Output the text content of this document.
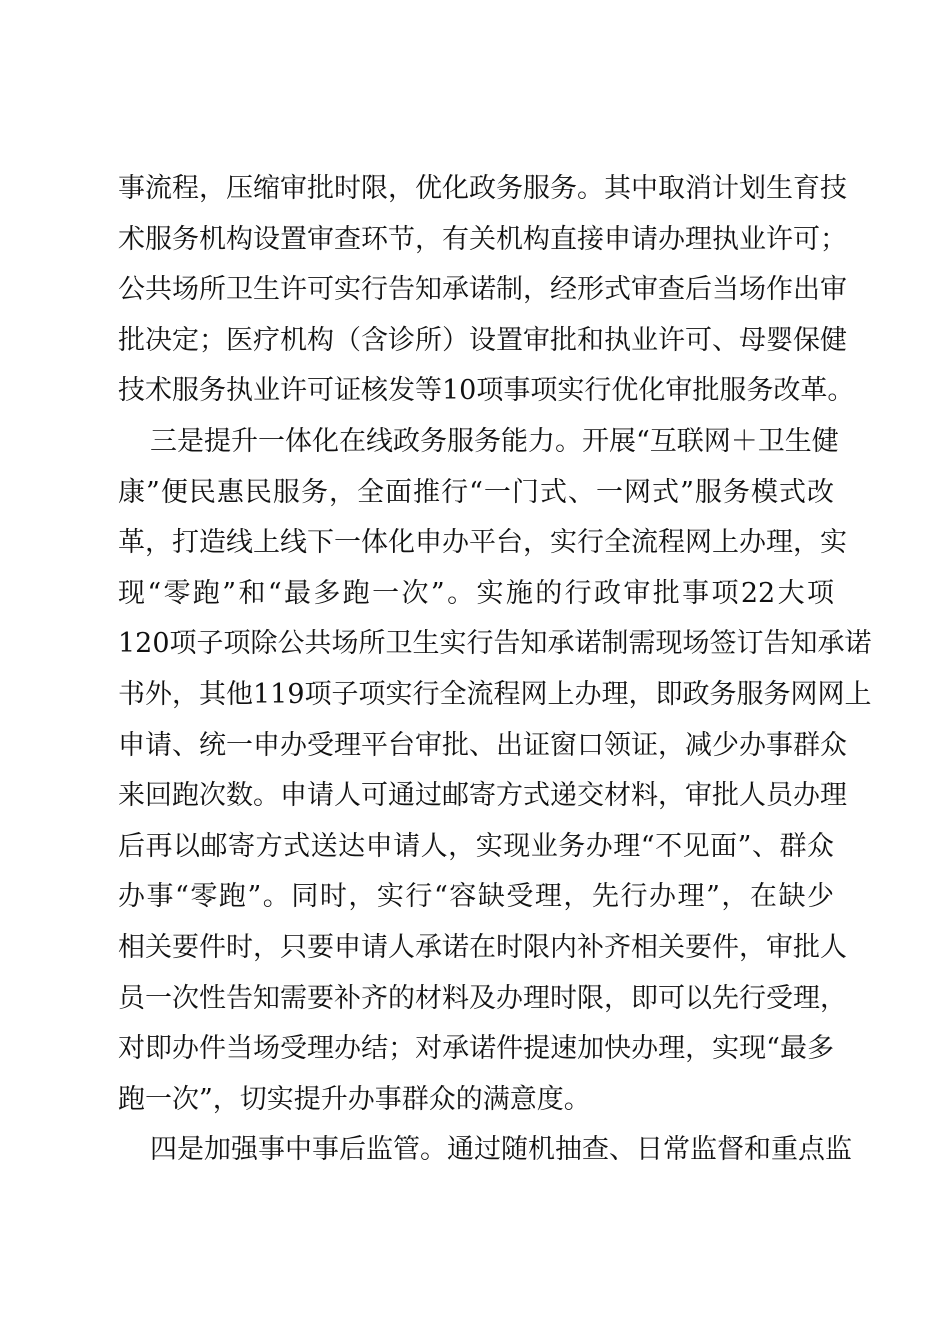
事流程，压缩审批时限，优化政务服务。其中取消计划生育技
术服务机构设置审查环节，有关机构直接申请办理执业许可；
公共场所卫生许可实行告知承诺制，经形式审查后当场作出审
批决定；医疗机构（含诊所）设置审批和执业许可、母婴保健
技术服务执业许可证核发等10项事项实行优化审批服务改革。
三是提升一体化在线政务服务能力。开展“互联网＋卫生健
康”便民惠民服务，全面推行“一门式、一网式”服务模式改
革，打造线上线下一体化申办平台，实行全流程网上办理，实
现“零跑”和“最多跑一次”。实施的行政审批事项22大项
120项子项除公共场所卫生实行告知承诺制需现场签订告知承诺
书外，其他119项子项实行全流程网上办理，即政务服务网网上
申请、统一申办受理平台审批、出证窗口领证，减少办事群众
来回跑次数。申请人可通过邮寄方式递交材料，审批人员办理
后再以邮寄方式送达申请人，实现业务办理“不见面”、群众
办事“零跑”。同时，实行“容缺受理，先行办理”，在缺少
相关要件时，只要申请人承诺在时限内补齐相关要件，审批人
员一次性告知需要补齐的材料及办理时限，即可以先行受理，
对即办件当场受理办结；对承诺件提速加快办理，实现“最多
跑一次”，切实提升办事群众的满意度。
四是加强事中事后监管。通过随机抽查、日常监督和重点监
